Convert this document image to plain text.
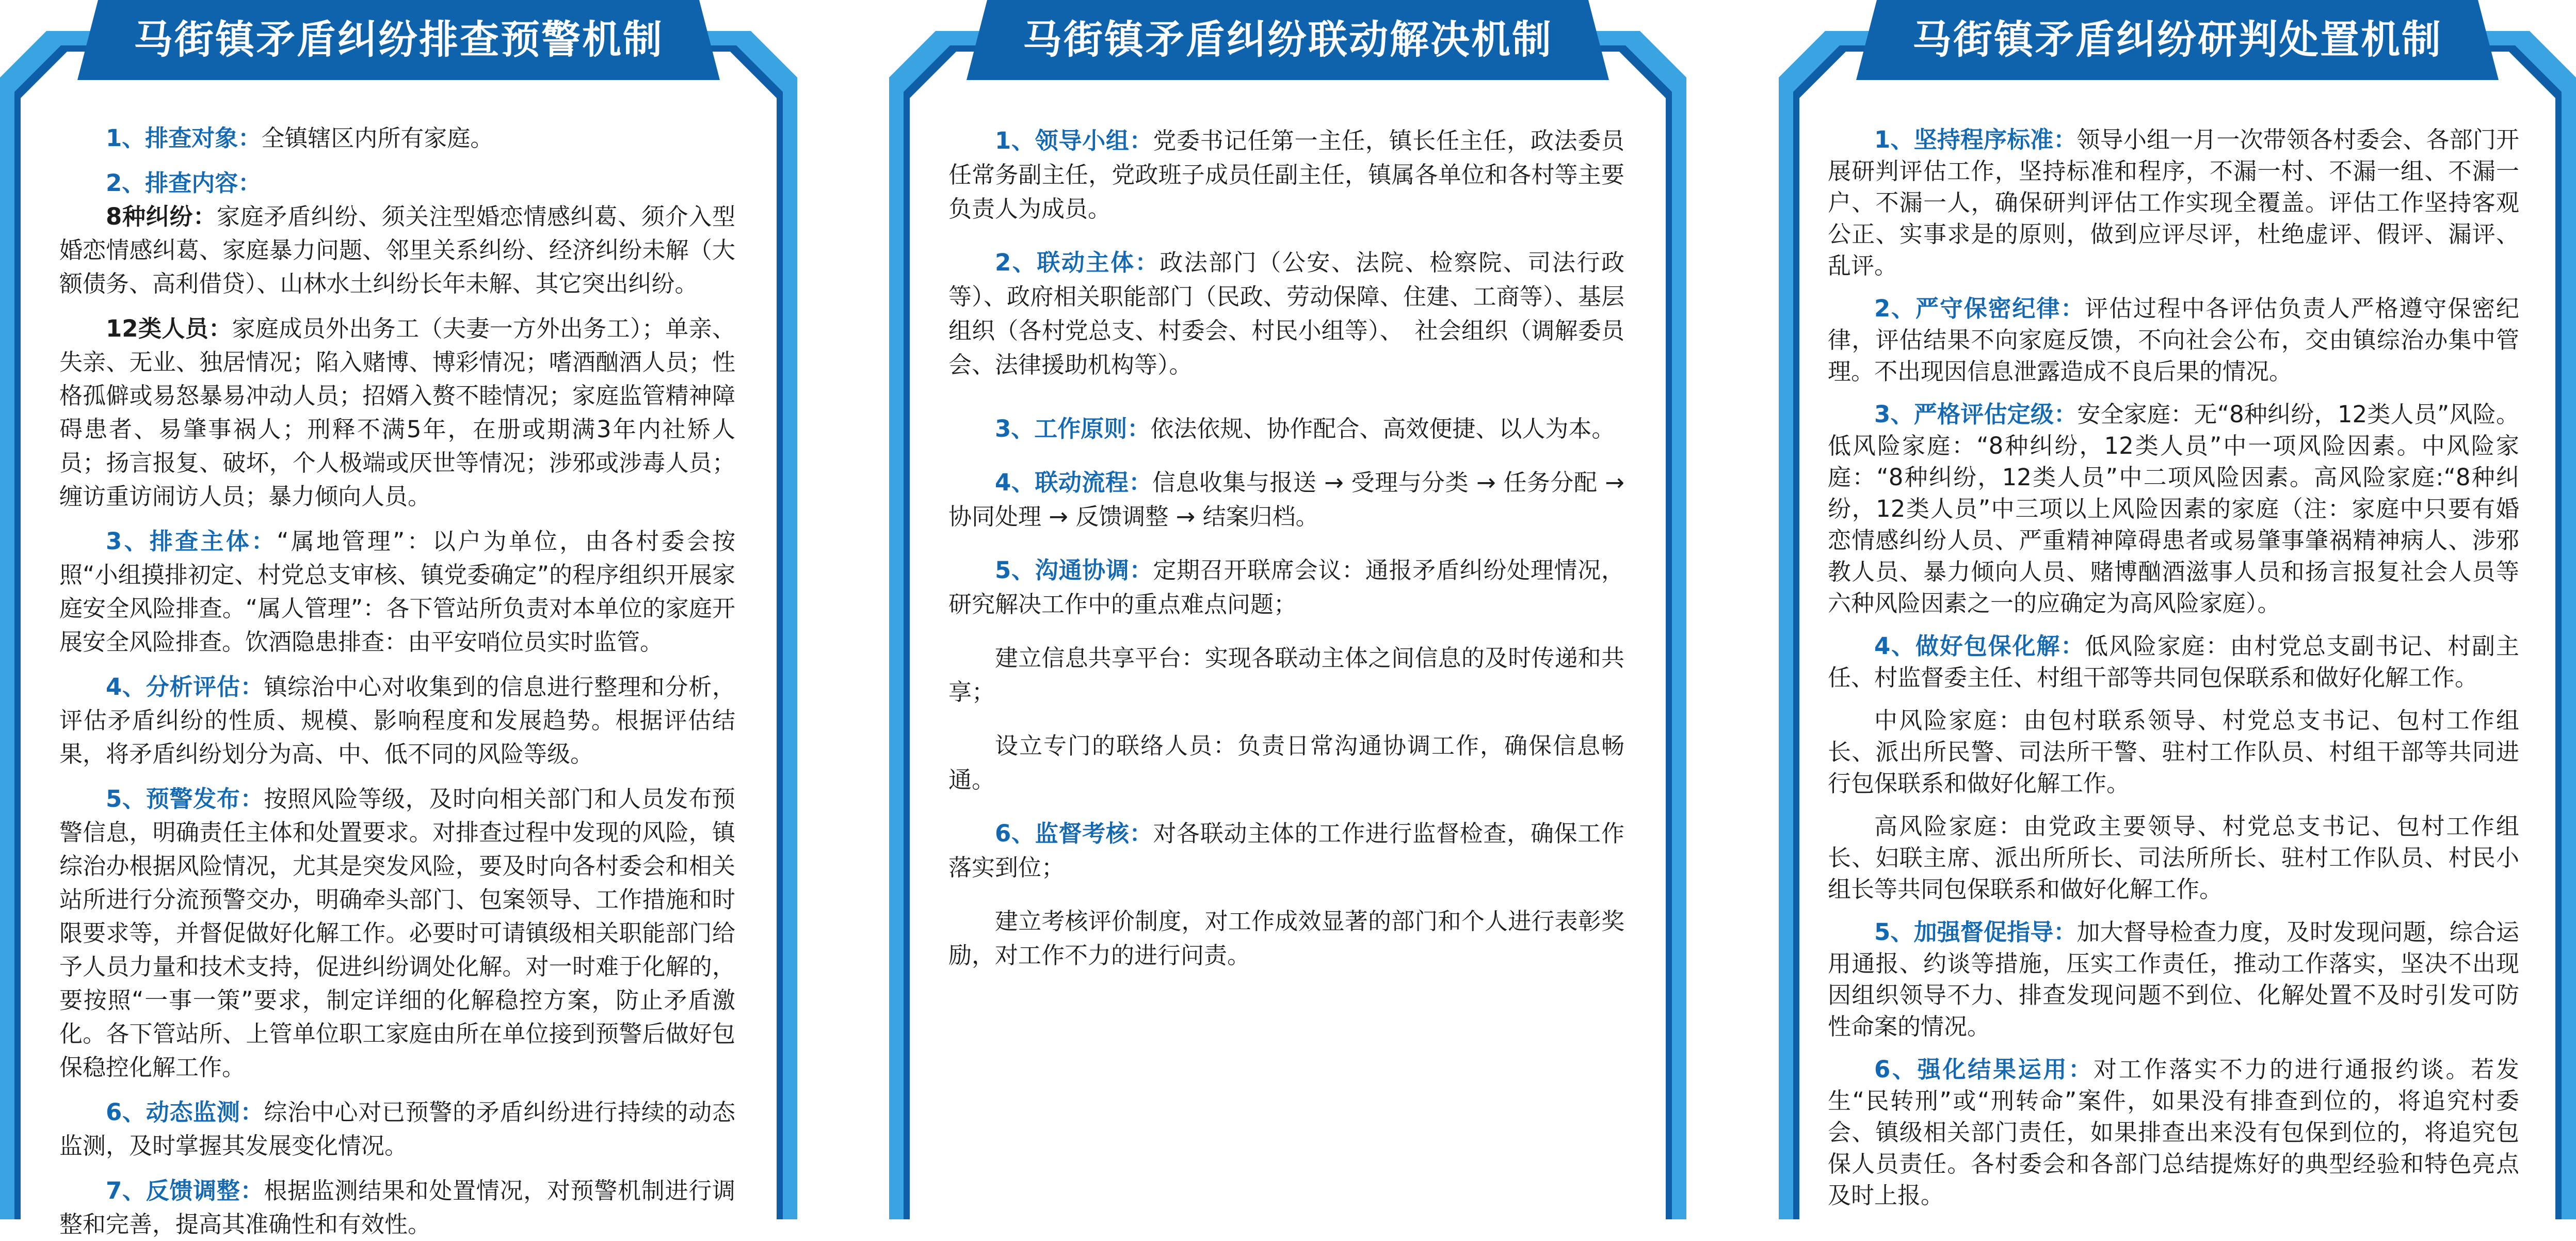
马街镇矛盾纠纷排查预警机制

1、排查对象：全镇辖区内所有家庭。

2、排查内容：

8种纠纷：家庭矛盾纠纷、须关注型婚恋情感纠葛、须介入型婚恋情感纠葛、家庭暴力问题、邻里关系纠纷、经济纠纷未解（大额债务、高利借贷）、山林水土纠纷长年未解、其它突出纠纷。

12类人员：家庭成员外出务工（夫妻一方外出务工）；单亲、失亲、无业、独居情况；陷入赌博、博彩情况；嗜酒酗酒人员；性格孤僻或易怒暴易冲动人员；招婿入赘不睦情况；家庭监管精神障碍患者、易肇事祸人；刑释不满5年，在册或期满3年内社矫人员；扬言报复、破坏，个人极端或厌世等情况；涉邪或涉毒人员；缠访重访闹访人员；暴力倾向人员。

3、排查主体：“属地管理”：以户为单位，由各村委会按照“小组摸排初定、村党总支审核、镇党委确定”的程序组织开展家庭安全风险排查。“属人管理”：各下管站所负责对本单位的家庭开展安全风险排查。饮酒隐患排查：由平安哨位员实时监管。

4、分析评估：镇综治中心对收集到的信息进行整理和分析，评估矛盾纠纷的性质、规模、影响程度和发展趋势。根据评估结果，将矛盾纠纷划分为高、中、低不同的风险等级。

5、预警发布：按照风险等级，及时向相关部门和人员发布预警信息，明确责任主体和处置要求。对排查过程中发现的风险，镇综治办根据风险情况，尤其是突发风险，要及时向各村委会和相关站所进行分流预警交办，明确牵头部门、包案领导、工作措施和时限要求等，并督促做好化解工作。必要时可请镇级相关职能部门给予人员力量和技术支持，促进纠纷调处化解。对一时难于化解的，要按照“一事一策”要求，制定详细的化解稳控方案，防止矛盾激化。各下管站所、上管单位职工家庭由所在单位接到预警后做好包保稳控化解工作。

6、动态监测：综治中心对已预警的矛盾纠纷进行持续的动态监测，及时掌握其发展变化情况。

7、反馈调整：根据监测结果和处置情况，对预警机制进行调整和完善，提高其准确性和有效性。

马街镇矛盾纠纷联动解决机制

1、领导小组：党委书记任第一主任，镇长任主任，政法委员任常务副主任，党政班子成员任副主任，镇属各单位和各村等主要负责人为成员。

2、联动主体：政法部门（公安、法院、检察院、司法行政等）、政府相关职能部门（民政、劳动保障、住建、工商等）、基层组织（各村党总支、村委会、村民小组等）、　社会组织（调解委员会、法律援助机构等）。

3、工作原则：依法依规、协作配合、高效便捷、以人为本。

4、联动流程：信息收集与报送 → 受理与分类 → 任务分配 → 协同处理 → 反馈调整 → 结案归档。

5、沟通协调：定期召开联席会议：通报矛盾纠纷处理情况，研究解决工作中的重点难点问题；

建立信息共享平台：实现各联动主体之间信息的及时传递和共享；

设立专门的联络人员：负责日常沟通协调工作，确保信息畅通。

6、监督考核：对各联动主体的工作进行监督检查，确保工作落实到位；

建立考核评价制度，对工作成效显著的部门和个人进行表彰奖励，对工作不力的进行问责。

马街镇矛盾纠纷研判处置机制

1、坚持程序标准：领导小组一月一次带领各村委会、各部门开展研判评估工作，坚持标准和程序，不漏一村、不漏一组、不漏一户、不漏一人，确保研判评估工作实现全覆盖。评估工作坚持客观公正、实事求是的原则，做到应评尽评，杜绝虚评、假评、漏评、乱评。

2、严守保密纪律：评估过程中各评估负责人严格遵守保密纪律，评估结果不向家庭反馈，不向社会公布，交由镇综治办集中管理。不出现因信息泄露造成不良后果的情况。

3、严格评估定级：安全家庭：无“8种纠纷，12类人员”风险。低风险家庭：“8种纠纷，12类人员”中一项风险因素。中风险家庭：“8种纠纷，12类人员”中二项风险因素。高风险家庭:“8种纠纷，12类人员”中三项以上风险因素的家庭（注：家庭中只要有婚恋情感纠纷人员、严重精神障碍患者或易肇事肇祸精神病人、涉邪教人员、暴力倾向人员、赌博酗酒滋事人员和扬言报复社会人员等六种风险因素之一的应确定为高风险家庭）。

4、做好包保化解：低风险家庭：由村党总支副书记、村副主任、村监督委主任、村组干部等共同包保联系和做好化解工作。

中风险家庭：由包村联系领导、村党总支书记、包村工作组长、派出所民警、司法所干警、驻村工作队员、村组干部等共同进行包保联系和做好化解工作。

高风险家庭：由党政主要领导、村党总支书记、包村工作组长、妇联主席、派出所所长、司法所所长、驻村工作队员、村民小组长等共同包保联系和做好化解工作。

5、加强督促指导：加大督导检查力度，及时发现问题，综合运用通报、约谈等措施，压实工作责任，推动工作落实，坚决不出现因组织领导不力、排查发现问题不到位、化解处置不及时引发可防性命案的情况。

6、强化结果运用：对工作落实不力的进行通报约谈。若发生“民转刑”或“刑转命”案件，如果没有排查到位的，将追究村委会、镇级相关部门责任，如果排查出来没有包保到位的，将追究包保人员责任。各村委会和各部门总结提炼好的典型经验和特色亮点及时上报。
